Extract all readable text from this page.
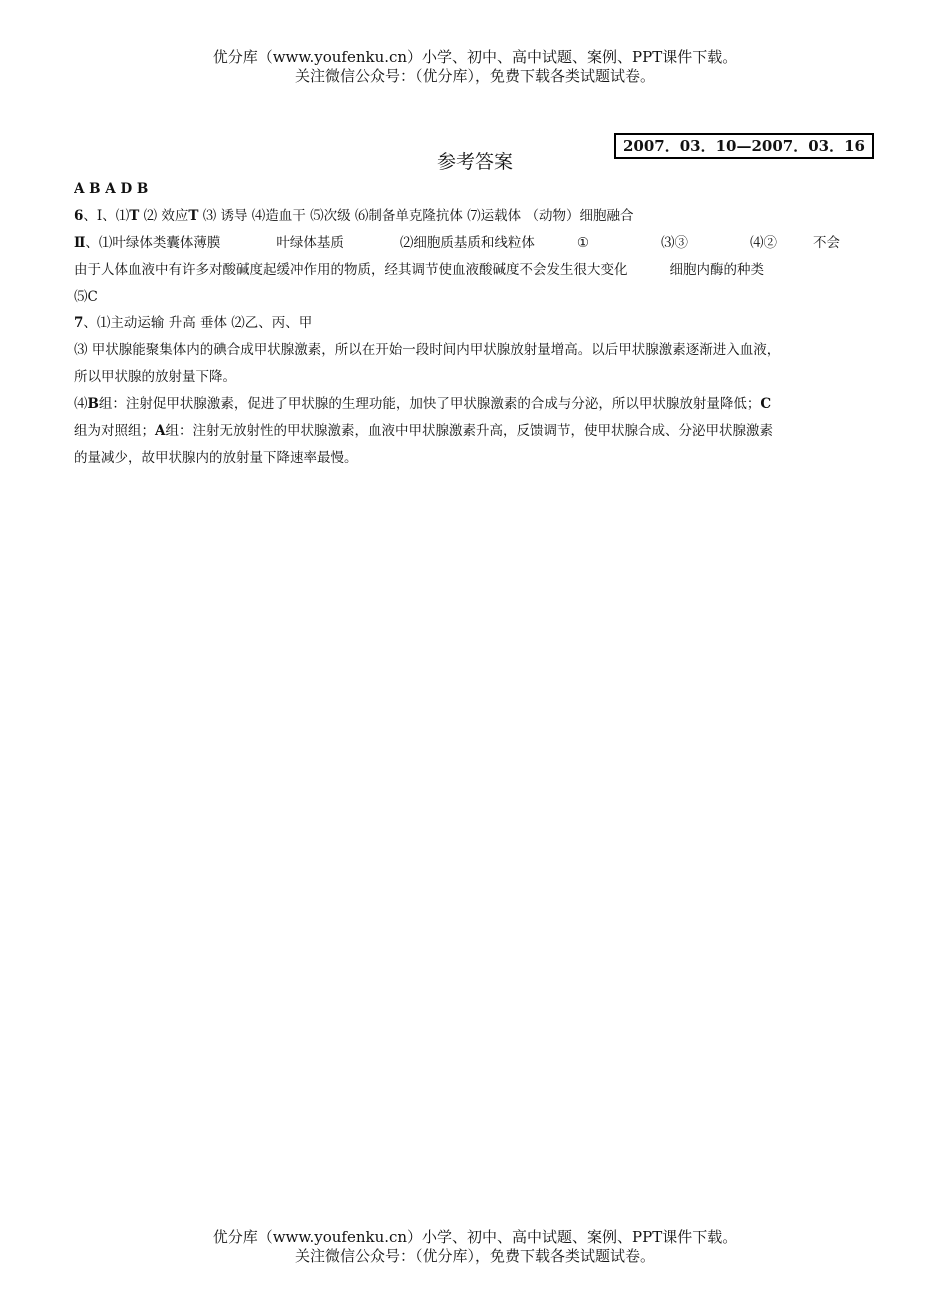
优分库（www.youfenku.cn）小学、初中、高中试题、案例、PPT课件下载。
关注微信公众号：（优分库），免费下载各类试题试卷。
2007．03．10—2007．03．16
参考答案
A B A D B
6、Ⅰ、⑴T ⑵ 效应T ⑶ 诱导 ⑷造血干 ⑸次级 ⑹制备单克隆抗体 ⑺运载体 （动物）细胞融合
Ⅱ、⑴叶绿体类囊体薄膜	叶绿体基质	⑵细胞质基质和线粒体	①	⑶③	⑷②	不会
由于人体血液中有许多对酸碱度起缓冲作用的物质，经其调节使血液酸碱度不会发生很大变化	细胞内酶的种类
⑸C
7、⑴主动运输 升高 垂体 ⑵乙、丙、甲
⑶ 甲状腺能聚集体内的碘合成甲状腺激素，所以在开始一段时间内甲状腺放射量增高。以后甲状腺激素逐渐进入血液，
所以甲状腺的放射量下降。
⑷B组：注射促甲状腺激素，促进了甲状腺的生理功能，加快了甲状腺激素的合成与分泌，所以甲状腺放射量降低；C
组为对照组；A组：注射无放射性的甲状腺激素，血液中甲状腺激素升高，反馈调节，使甲状腺合成、分泌甲状腺激素
的量减少，故甲状腺内的放射量下降速率最慢。
优分库（www.youfenku.cn）小学、初中、高中试题、案例、PPT课件下载。
关注微信公众号：（优分库），免费下载各类试题试卷。
